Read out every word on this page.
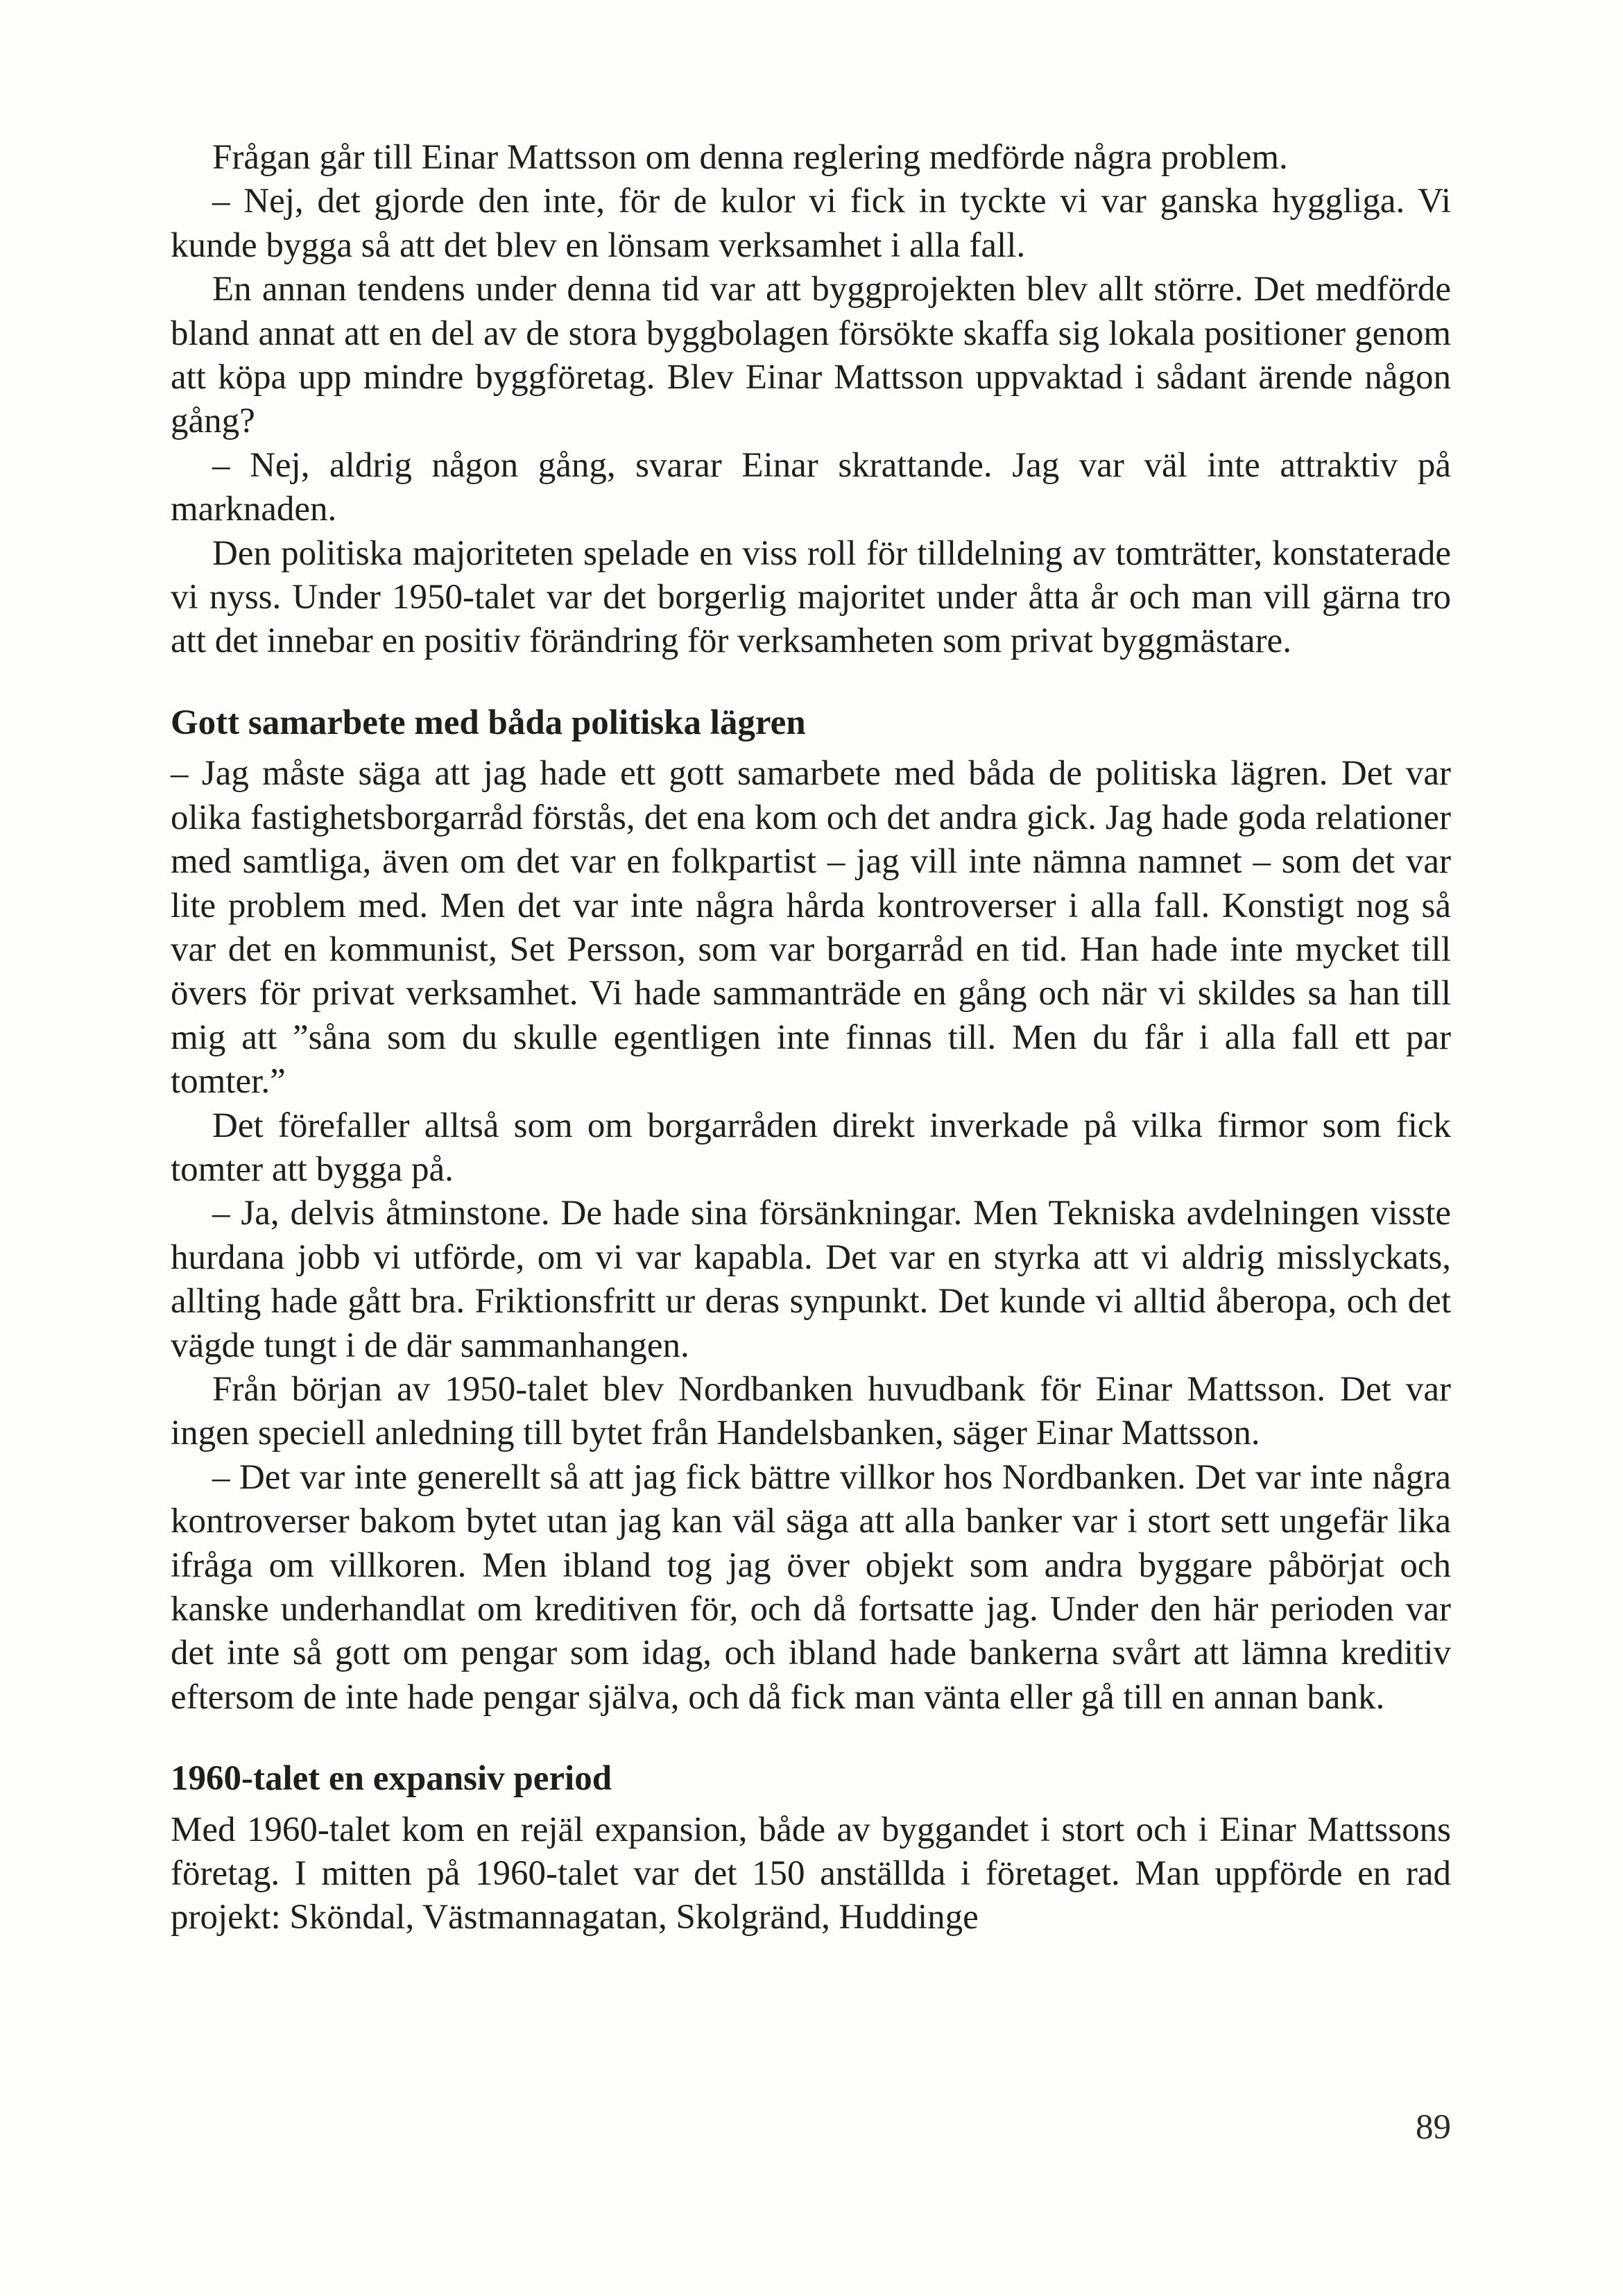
Frågan går till Einar Mattsson om denna reglering medförde några problem.

– Nej, det gjorde den inte, för de kulor vi fick in tyckte vi var ganska hyggliga. Vi kunde bygga så att det blev en lönsam verksamhet i alla fall.

En annan tendens under denna tid var att byggprojekten blev allt större. Det medförde bland annat att en del av de stora byggbolagen försökte skaffa sig lokala positioner genom att köpa upp mindre byggföretag. Blev Einar Mattsson uppvaktad i sådant ärende någon gång?

– Nej, aldrig någon gång, svarar Einar skrattande. Jag var väl inte attraktiv på marknaden.

Den politiska majoriteten spelade en viss roll för tilldelning av tomträtter, konstaterade vi nyss. Under 1950-talet var det borgerlig majoritet under åtta år och man vill gärna tro att det innebar en positiv förändring för verksamheten som privat byggmästare.

Gott samarbete med båda politiska lägren

– Jag måste säga att jag hade ett gott samarbete med båda de politiska lägren. Det var olika fastighetsborgarråd förstås, det ena kom och det andra gick. Jag hade goda relationer med samtliga, även om det var en folkpartist – jag vill inte nämna namnet – som det var lite problem med. Men det var inte några hårda kontroverser i alla fall. Konstigt nog så var det en kommunist, Set Persson, som var borgarråd en tid. Han hade inte mycket till övers för privat verksamhet. Vi hade sammanträde en gång och när vi skildes sa han till mig att ”såna som du skulle egentligen inte finnas till. Men du får i alla fall ett par tomter.”

Det förefaller alltså som om borgarråden direkt inverkade på vilka firmor som fick tomter att bygga på.

– Ja, delvis åtminstone. De hade sina försänkningar. Men Tekniska avdelningen visste hurdana jobb vi utförde, om vi var kapabla. Det var en styrka att vi aldrig misslyckats, allting hade gått bra. Friktionsfritt ur deras synpunkt. Det kunde vi alltid åberopa, och det vägde tungt i de där sammanhangen.

Från början av 1950-talet blev Nordbanken huvudbank för Einar Mattsson. Det var ingen speciell anledning till bytet från Handelsbanken, säger Einar Mattsson.

– Det var inte generellt så att jag fick bättre villkor hos Nordbanken. Det var inte några kontroverser bakom bytet utan jag kan väl säga att alla banker var i stort sett ungefär lika ifråga om villkoren. Men ibland tog jag över objekt som andra byggare påbörjat och kanske underhandlat om kreditiven för, och då fortsatte jag. Under den här perioden var det inte så gott om pengar som idag, och ibland hade bankerna svårt att lämna kreditiv eftersom de inte hade pengar själva, och då fick man vänta eller gå till en annan bank.

1960-talet en expansiv period

Med 1960-talet kom en rejäl expansion, både av byggandet i stort och i Einar Mattssons företag. I mitten på 1960-talet var det 150 anställda i företaget. Man uppförde en rad projekt: Sköndal, Västmannagatan, Skolgränd, Huddinge

89
